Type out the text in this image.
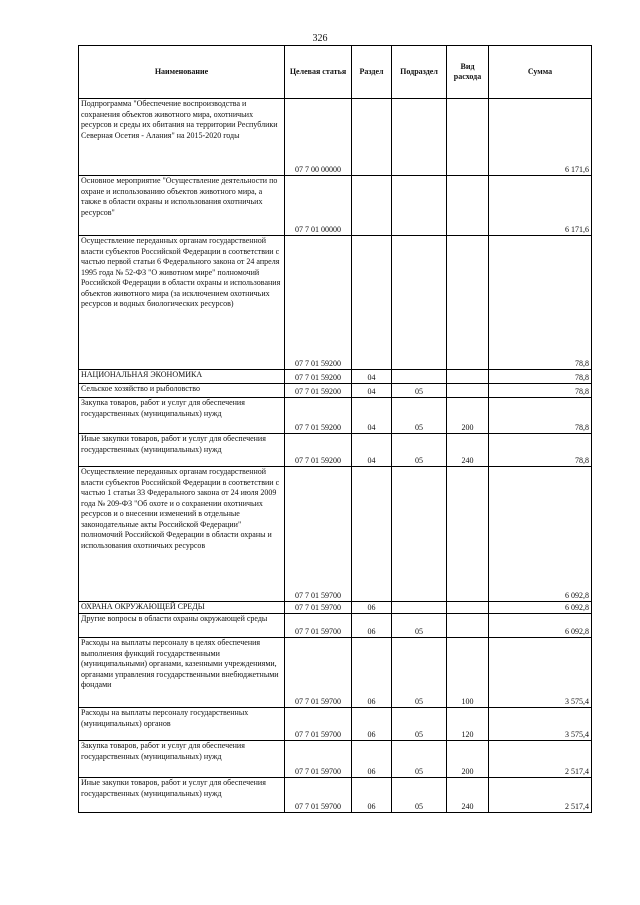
326
Наименование	Целевая статья	Раздел	Подраздел	Вид расхода	Сумма

Подпрограмма "Обеспечение воспроизводства и сохранения объектов животного мира, охотничьих ресурсов и среды их обитания на территории Республики Северная Осетия - Алания" на 2015-2020 годы	07 7 00 00000				6 171,6

Основное мероприятие "Осуществление деятельности по охране и использованию объектов животного мира, а также в области охраны и использования охотничьих ресурсов"	07 7 01 00000				6 171,6

Осуществление переданных органам государственной власти субъектов Российской Федерации в соответствии с частью первой статьи 6 Федерального закона от 24 апреля 1995 года № 52-ФЗ "О животном мире" полномочий Российской Федерации в области охраны и использования объектов животного мира (за исключением охотничьих ресурсов и водных биологических ресурсов)	07 7 01 59200				78,8

НАЦИОНАЛЬНАЯ ЭКОНОМИКА	07 7 01 59200	04			78,8

Сельское хозяйство и рыболовство	07 7 01 59200	04	05		78,8

Закупка товаров, работ и услуг для обеспечения государственных (муниципальных) нужд	07 7 01 59200	04	05	200	78,8

Иные закупки товаров, работ и услуг для обеспечения государственных (муниципальных) нужд	07 7 01 59200	04	05	240	78,8

Осуществление переданных органам государственной власти субъектов Российской Федерации в соответствии с частью 1 статьи 33 Федерального закона от 24 июля 2009 года № 209-ФЗ "Об охоте и о сохранении охотничьих ресурсов и о внесении изменений в отдельные законодательные акты Российской Федерации" полномочий Российской Федерации в области охраны и использования охотничьих ресурсов	07 7 01 59700				6 092,8

ОХРАНА ОКРУЖАЮЩЕЙ СРЕДЫ	07 7 01 59700	06			6 092,8

Другие вопросы в области охраны окружающей среды	07 7 01 59700	06	05		6 092,8

Расходы на выплаты персоналу в целях обеспечения выполнения функций государственными (муниципальными) органами, казенными учреждениями, органами управления государственными внебюджетными фондами	07 7 01 59700	06	05	100	3 575,4

Расходы на выплаты персоналу государственных (муниципальных) органов	07 7 01 59700	06	05	120	3 575,4

Закупка товаров, работ и услуг для обеспечения государственных (муниципальных) нужд	07 7 01 59700	06	05	200	2 517,4

Иные закупки товаров, работ и услуг для обеспечения государственных (муниципальных) нужд	07 7 01 59700	06	05	240	2 517,4
